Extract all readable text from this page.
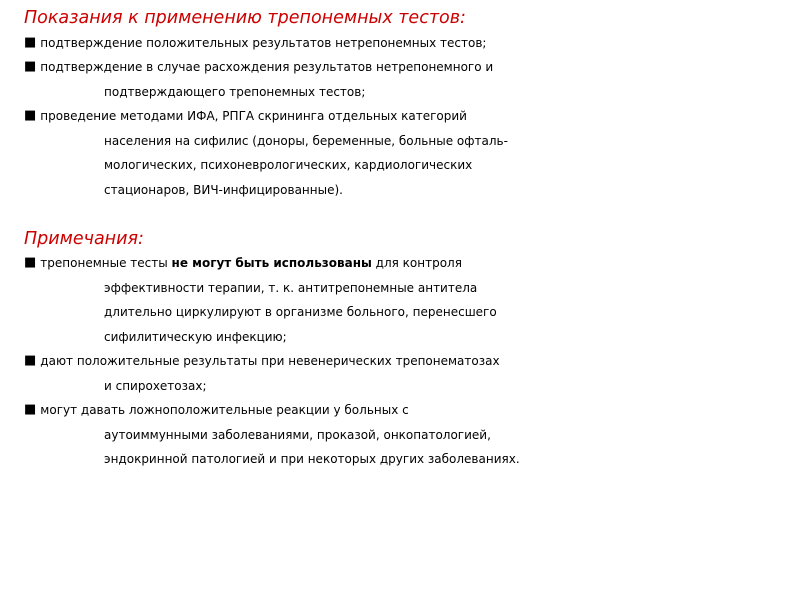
Показания к применению трепонемных тестов:

■ подтверждение положительных результатов нетрепонемных тестов;
■ подтверждение в случае расхождения результатов нетрепонемного и
подтверждающего трепонемных тестов;
■ проведение методами ИФА, РПГА скрининга отдельных категорий
населения на сифилис (доноры, беременные, больные офталь-
мологических, психоневрологических, кардиологических
стационаров, ВИЧ-инфицированные).

Примечания:

■ трепонемные тесты не могут быть использованы для контроля
эффективности терапии, т. к. антитрепонемные антитела
длительно циркулируют в организме больного, перенесшего
сифилитическую инфекцию;
■ дают положительные результаты при невенерических трепонематозах
и спирохетозах;
■ могут давать ложноположительные реакции у больных с
аутоиммунными заболеваниями, проказой, онкопатологией,
эндокринной патологией и при некоторых других заболеваниях.
